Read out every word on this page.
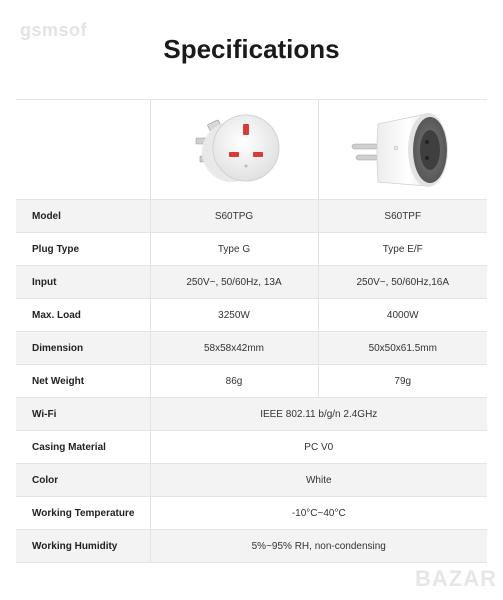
gsmsof
Specifications

Model	S60TPG	S60TPF
Plug Type	Type G	Type E/F
Input	250V~, 50/60Hz, 13A	250V~, 50/60Hz,16A
Max. Load	3250W	4000W
Dimension	58x58x42mm	50x50x61.5mm
Net Weight	86g	79g
Wi-Fi	IEEE 802.11 b/g/n 2.4GHz	
Casing Material	PC V0	
Color	White	
Working Temperature	-10°C~40°C	
Working Humidity	5%~95% RH, non-condensing	
BAZAR
